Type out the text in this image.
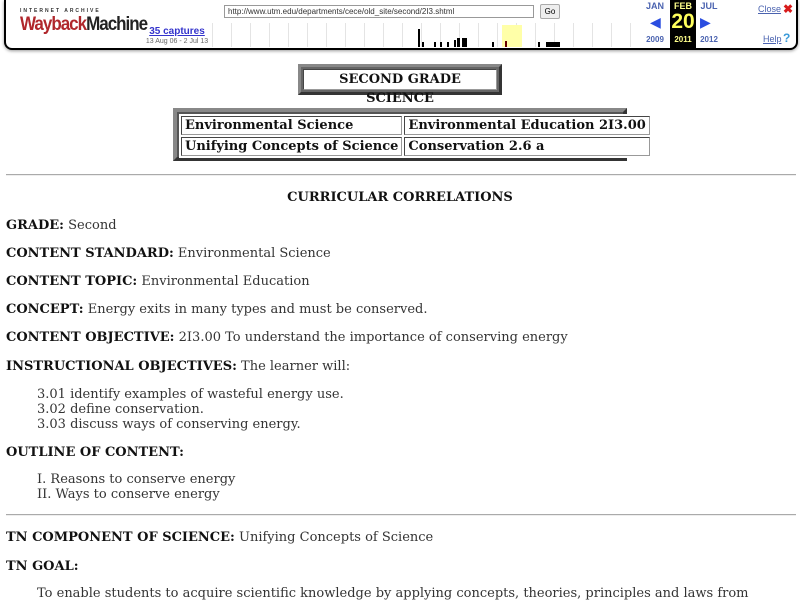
INTERNET ARCHIVE
WaybackMachine 35 captures
13 Aug 06 - 2 Jul 13
http://www.utm.edu/departments/cece/old_site/second/2I3.shtml
Go
JAN
◀
2009
FEB
20
2011
JUL
▶
2012
Close ✖
Help ?
SECOND GRADE SCIENCE
Environmental Science	Environmental Education 2I3.00
Unifying Concepts of Science	Conservation 2.6 a
CURRICULAR CORRELATIONS
GRADE: Second
CONTENT STANDARD: Environmental Science
CONTENT TOPIC: Environmental Education
CONCEPT: Energy exits in many types and must be conserved.
CONTENT OBJECTIVE: 2I3.00 To understand the importance of conserving energy
INSTRUCTIONAL OBJECTIVES: The learner will:
3.01 identify examples of wasteful energy use.
3.02 define conservation.
3.03 discuss ways of conserving energy.
OUTLINE OF CONTENT:
I. Reasons to conserve energy
II. Ways to conserve energy
TN COMPONENT OF SCIENCE: Unifying Concepts of Science
TN GOAL:
To enable students to acquire scientific knowledge by applying concepts, theories, principles and laws from
